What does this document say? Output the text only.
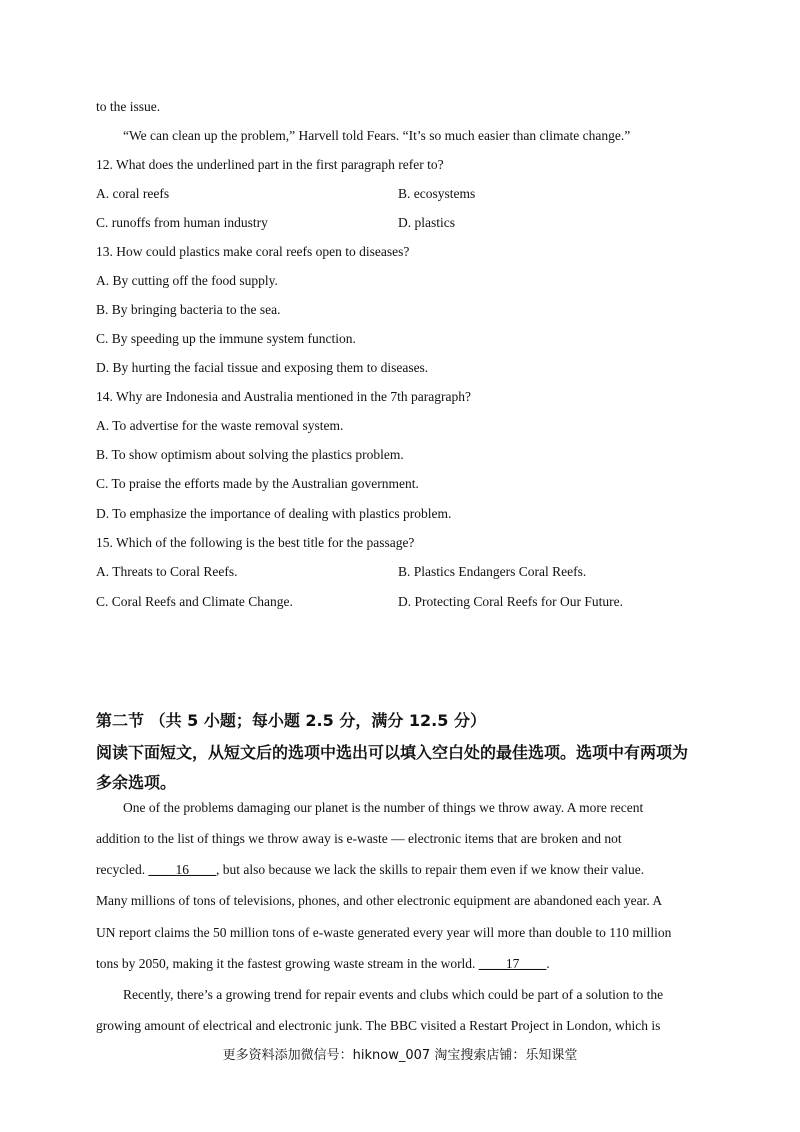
to the issue.
“We can clean up the problem,” Harvell told Fears. “It’s so much easier than climate change.”
12. What does the underlined part in the first paragraph refer to?
A. coral reefs	B. ecosystems
C. runoffs from human industry	D. plastics
13. How could plastics make coral reefs open to diseases?
A. By cutting off the food supply.
B. By bringing bacteria to the sea.
C. By speeding up the immune system function.
D. By hurting the facial tissue and exposing them to diseases.
14. Why are Indonesia and Australia mentioned in the 7th paragraph?
A. To advertise for the waste removal system.
B. To show optimism about solving the plastics problem.
C. To praise the efforts made by the Australian government.
D. To emphasize the importance of dealing with plastics problem.
15. Which of the following is the best title for the passage?
A. Threats to Coral Reefs.	B. Plastics Endangers Coral Reefs.
C. Coral Reefs and Climate Change.	D. Protecting Coral Reefs for Our Future.
第二节 （共 5 小题；每小题 2.5 分，满分 12.5 分）
阅读下面短文，从短文后的选项中选出可以填入空白处的最佳选项。选项中有两项为
多余选项。
One of the problems damaging our planet is the number of things we throw away. A more recent
addition to the list of things we throw away is e-waste — electronic items that are broken and not
recycled. ____16____, but also because we lack the skills to repair them even if we know their value.
Many millions of tons of televisions, phones, and other electronic equipment are abandoned each year. A
UN report claims the 50 million tons of e-waste generated every year will more than double to 110 million
tons by 2050, making it the fastest growing waste stream in the world. ____17____.
Recently, there’s a growing trend for repair events and clubs which could be part of a solution to the
growing amount of electrical and electronic junk. The BBC visited a Restart Project in London, which is
更多资料添加微信号：hiknow_007 淘宝搜索店铺：乐知课堂
